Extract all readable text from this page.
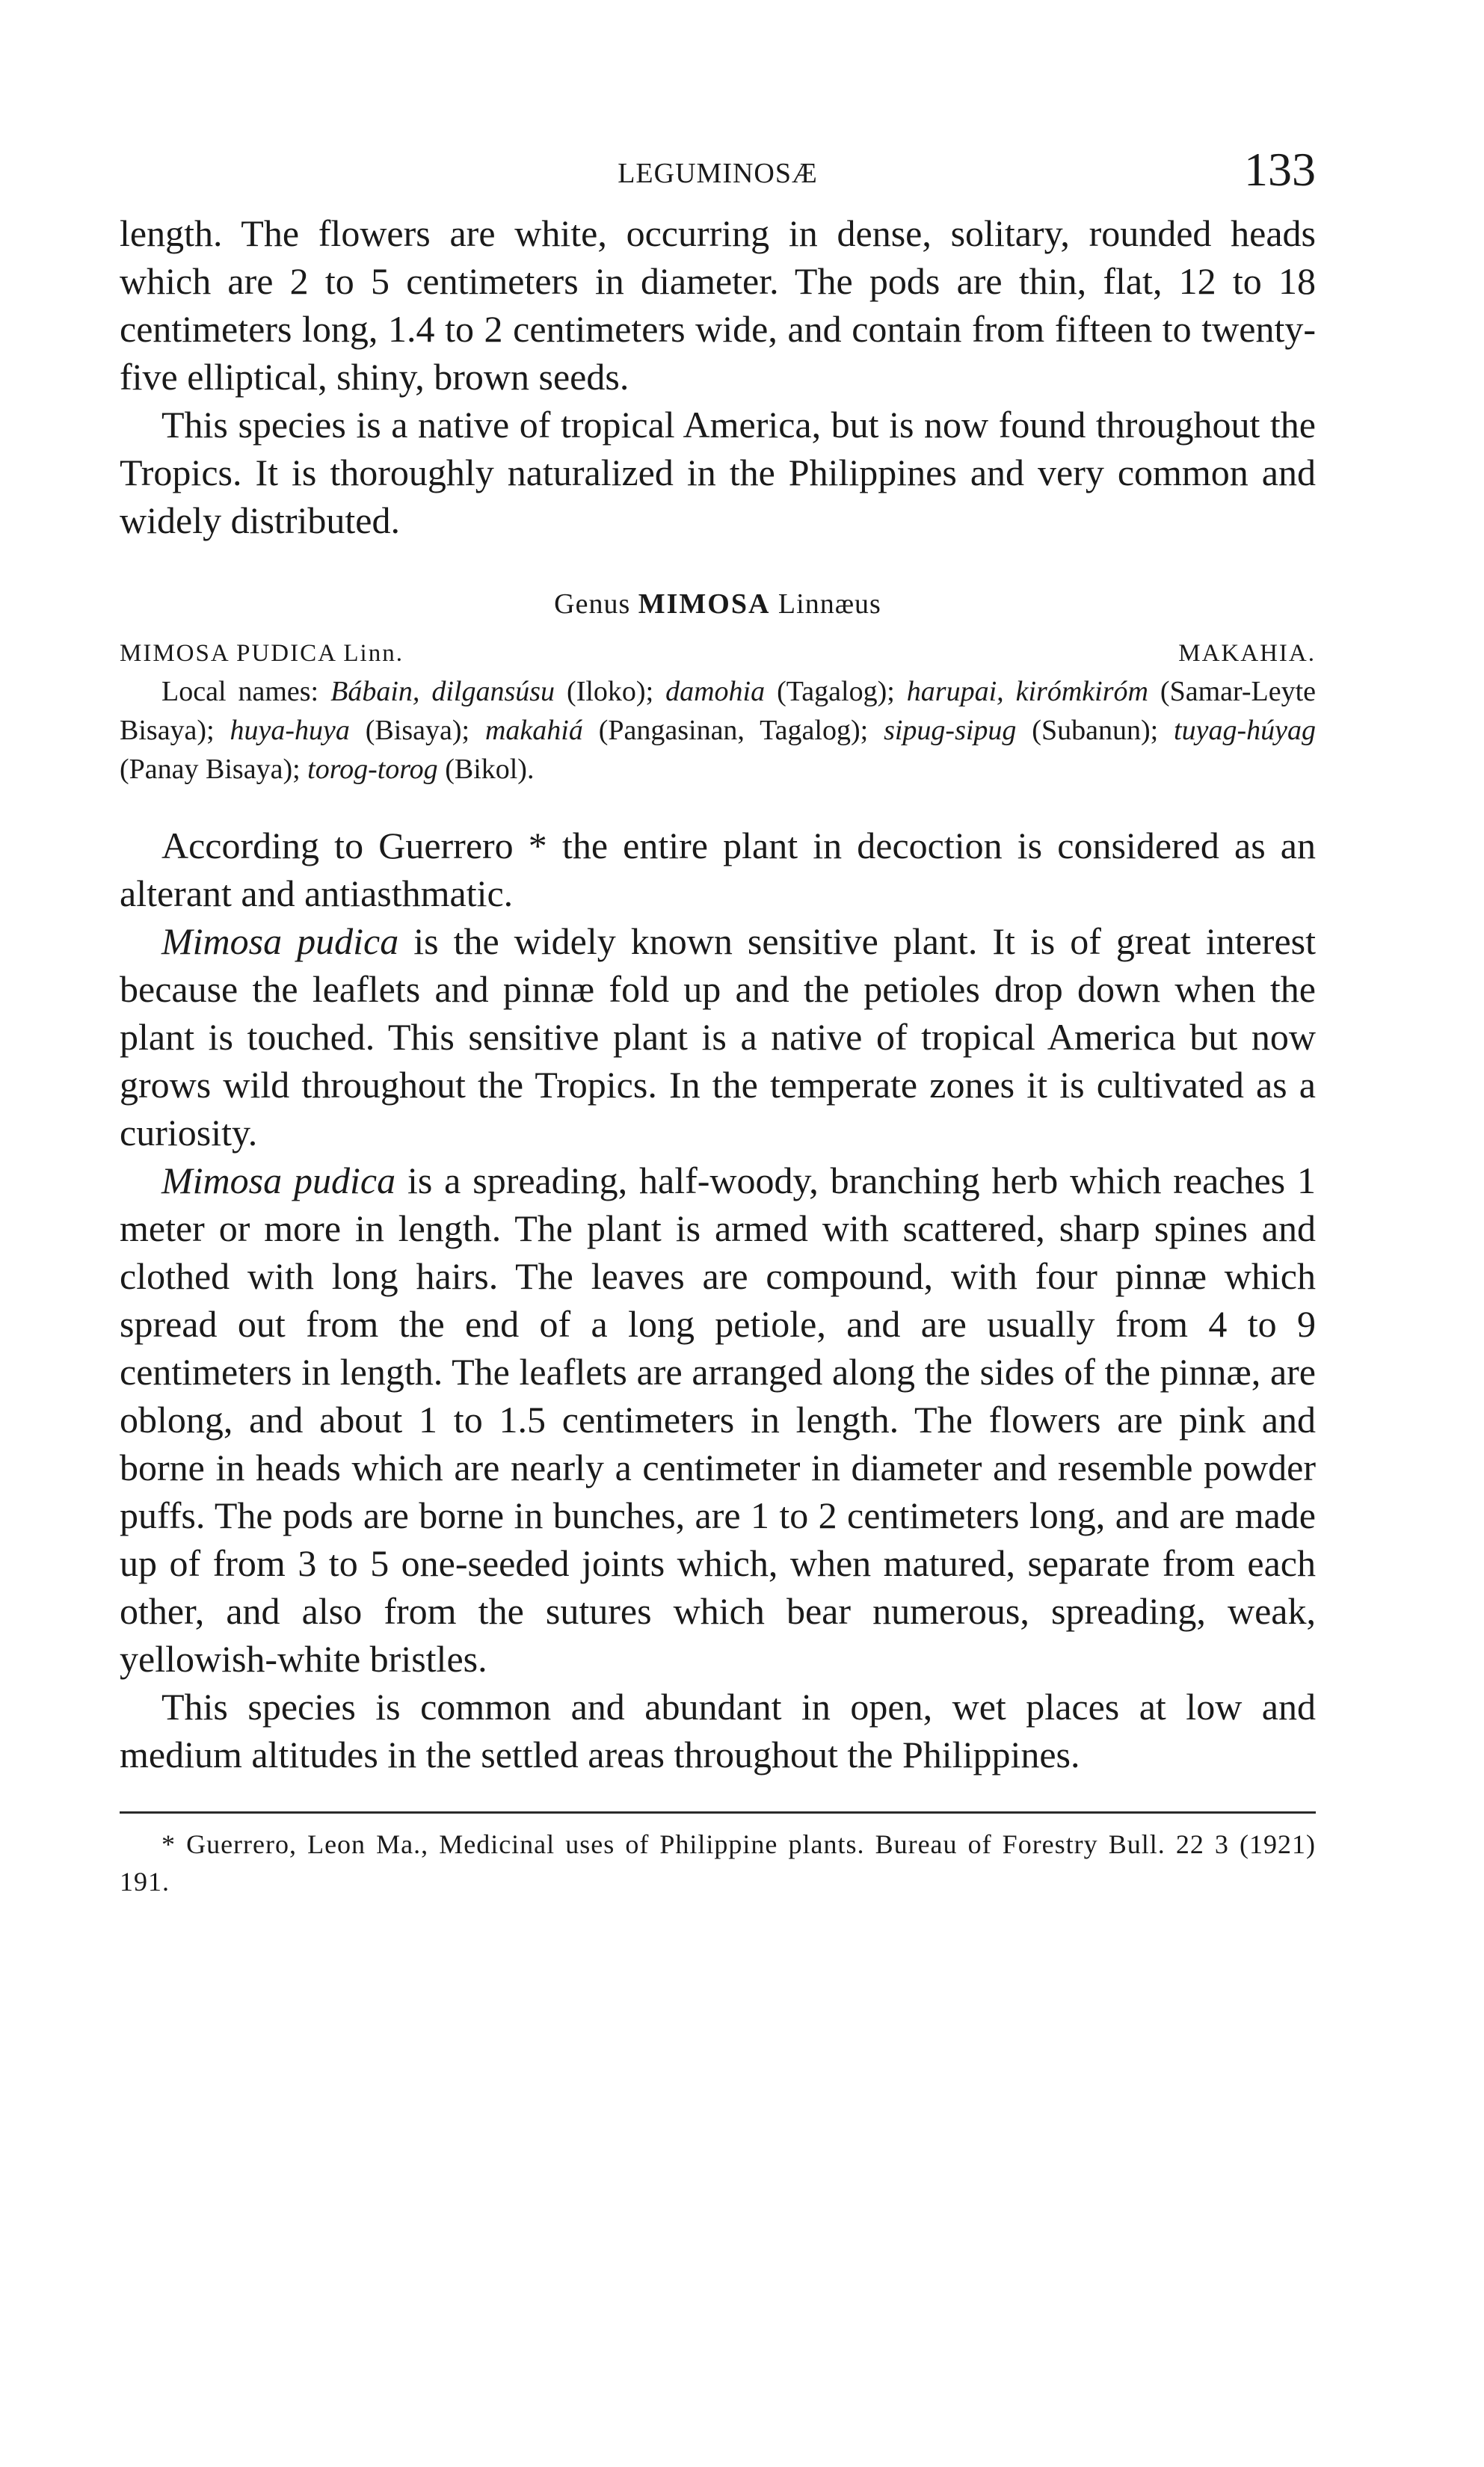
LEGUMINOSÆ	133

length. The flowers are white, occurring in dense, solitary, rounded heads which are 2 to 5 centimeters in diameter. The pods are thin, flat, 12 to 18 centimeters long, 1.4 to 2 centimeters wide, and contain from fifteen to twenty-five elliptical, shiny, brown seeds.

This species is a native of tropical America, but is now found throughout the Tropics. It is thoroughly naturalized in the Philippines and very common and widely distributed.

Genus MIMOSA Linnæus
MIMOSA PUDICA Linn.	MAKAHIA.
Local names: Bábain, dilgansúsu (Iloko); damohia (Tagalog); harupai, kirómkiróm (Samar-Leyte Bisaya); huya-huya (Bisaya); makahiá (Pangasinan, Tagalog); sipug-sipug (Subanun); tuyag-húyag (Panay Bisaya); torog-torog (Bikol).

According to Guerrero * the entire plant in decoction is considered as an alterant and antiasthmatic.

Mimosa pudica is the widely known sensitive plant. It is of great interest because the leaflets and pinnæ fold up and the petioles drop down when the plant is touched. This sensitive plant is a native of tropical America but now grows wild throughout the Tropics. In the temperate zones it is cultivated as a curiosity.

Mimosa pudica is a spreading, half-woody, branching herb which reaches 1 meter or more in length. The plant is armed with scattered, sharp spines and clothed with long hairs. The leaves are compound, with four pinnæ which spread out from the end of a long petiole, and are usually from 4 to 9 centimeters in length. The leaflets are arranged along the sides of the pinnæ, are oblong, and about 1 to 1.5 centimeters in length. The flowers are pink and borne in heads which are nearly a centimeter in diameter and resemble powder puffs. The pods are borne in bunches, are 1 to 2 centimeters long, and are made up of from 3 to 5 one-seeded joints which, when matured, separate from each other, and also from the sutures which bear numerous, spreading, weak, yellowish-white bristles.

This species is common and abundant in open, wet places at low and medium altitudes in the settled areas throughout the Philippines.

* Guerrero, Leon Ma., Medicinal uses of Philippine plants. Bureau of Forestry Bull. 22 3 (1921) 191.
